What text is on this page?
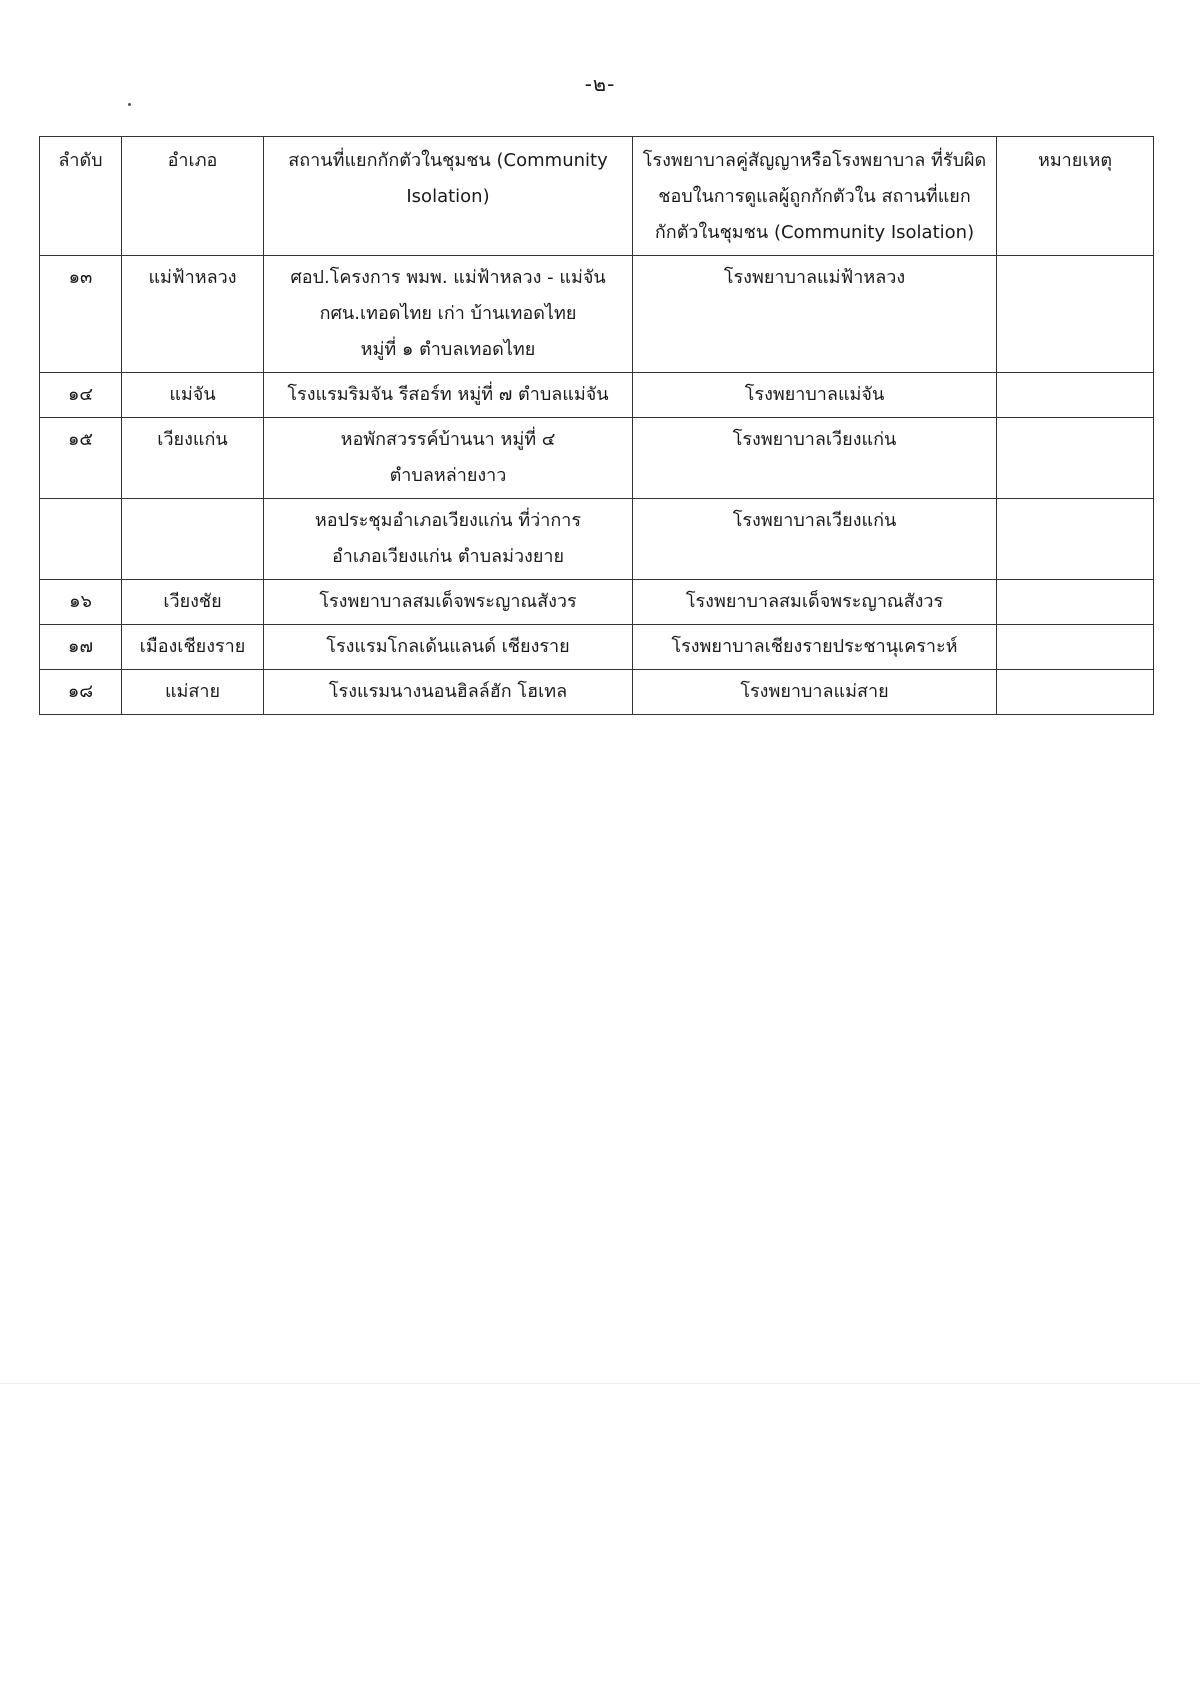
-๒-
ลำดับ	อำเภอ	สถานที่แยกกักตัวในชุมชน (Community Isolation)	โรงพยาบาลคู่สัญญาหรือโรงพยาบาล ที่รับผิดชอบในการดูแลผู้ถูกกักตัวใน สถานที่แยกกักตัวในชุมชน (Community Isolation)	หมายเหตุ
๑๓	แม่ฟ้าหลวง	ศอป.โครงการ พมพ. แม่ฟ้าหลวง - แม่จัน
กศน.เทอดไทย เก่า บ้านเทอดไทย
หมู่ที่ ๑ ตำบลเทอดไทย	โรงพยาบาลแม่ฟ้าหลวง	

๑๔	แม่จัน	โรงแรมริมจัน รีสอร์ท หมู่ที่ ๗ ตำบลแม่จัน	โรงพยาบาลแม่จัน	

๑๕	เวียงแก่น	หอพักสวรรค์บ้านนา หมู่ที่ ๔
ตำบลหล่ายงาว	โรงพยาบาลเวียงแก่น	

		หอประชุมอำเภอเวียงแก่น ที่ว่าการ
อำเภอเวียงแก่น ตำบลม่วงยาย	โรงพยาบาลเวียงแก่น	

๑๖	เวียงชัย	โรงพยาบาลสมเด็จพระญาณสังวร	โรงพยาบาลสมเด็จพระญาณสังวร	

๑๗	เมืองเชียงราย	โรงแรมโกลเด้นแลนด์ เชียงราย	โรงพยาบาลเชียงรายประชานุเคราะห์	

๑๘	แม่สาย	โรงแรมนางนอนฮิลล์ฮัก โฮเทล	โรงพยาบาลแม่สาย	
